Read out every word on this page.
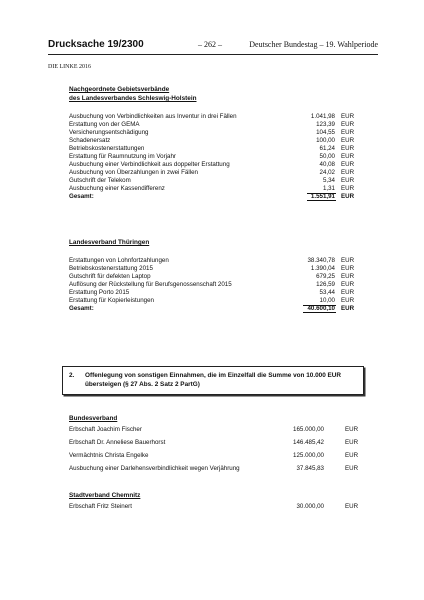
Drucksache 19/2300	– 262 –	Deutscher Bundestag – 19. Wahlperiode
DIE LINKE 2016
Nachgeordnete Gebietsverbände
des Landesverbandes Schleswig-Holstein
Ausbuchung von Verbindlichkeiten aus Inventur in drei Fällen	1.041,98 EUR
Erstattung von der GEMA	123,39 EUR
Versicherungsentschädigung	104,55 EUR
Schadenersatz	100,00 EUR
Betriebskostenerstattungen	61,24 EUR
Erstattung für Raumnutzung im Vorjahr	50,00 EUR
Ausbuchung einer Verbindlichkeit aus doppelter Erstattung	40,08 EUR
Ausbuchung von Überzahlungen in zwei Fällen	24,02 EUR
Gutschrift der Telekom	5,34 EUR
Ausbuchung einer Kassendifferenz	1,31 EUR
Gesamt:	1.551,91 EUR
Landesverband Thüringen
Erstattungen von Lohnfortzahlungen	38.340,78 EUR
Betriebskostenerstattung 2015	1.390,04 EUR
Gutschrift für defekten Laptop	679,25 EUR
Auflösung der Rückstellung für Berufsgenossenschaft 2015	126,59 EUR
Erstattung Porto 2015	53,44 EUR
Erstattung für Kopierleistungen	10,00 EUR
Gesamt:	40.600,10 EUR
2. Offenlegung von sonstigen Einnahmen, die im Einzelfall die Summe von 10.000 EUR übersteigen (§ 27 Abs. 2 Satz 2 PartG)
Bundesverband
Erbschaft Joachim Fischer	165.000,00	EUR
Erbschaft Dr. Anneliese Bauerhorst	146.485,42	EUR
Vermächtnis Christa Engelke	125.000,00	EUR
Ausbuchung einer Darlehensverbindlichkeit wegen Verjährung	37.845,83	EUR
Stadtverband Chemnitz
Erbschaft Fritz Steinert	30.000,00	EUR
